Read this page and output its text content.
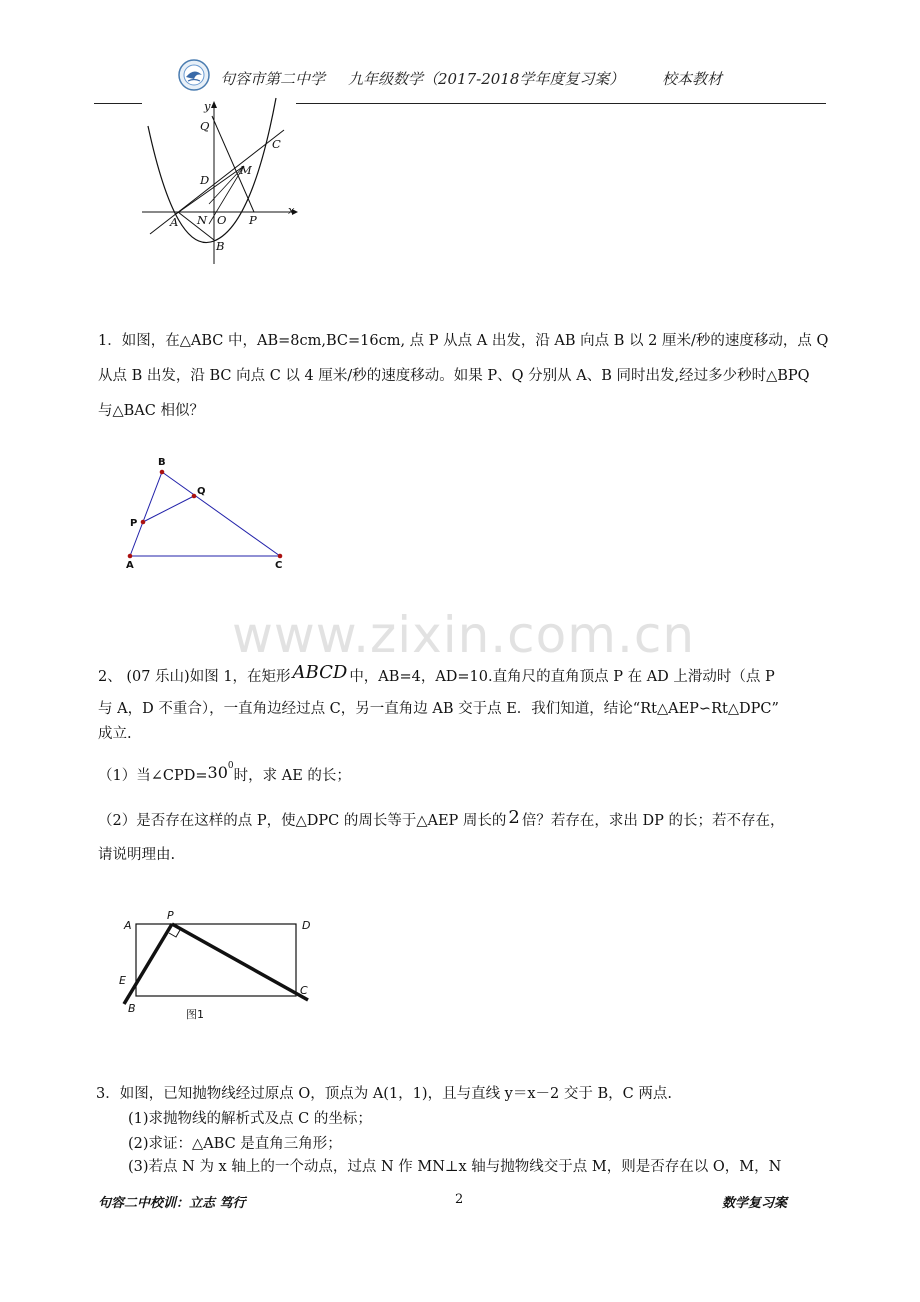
句容市第二中学 九年级数学（2017-2018学年度复习案）	校本教材
y
x
Q
C
D
M
A N O P
B
1．如图，在△ABC 中，AB=8cm,BC=16cm, 点 P 从点 A 出发，沿 AB 向点 B 以 2 厘米/秒的速度移动，点 Q
从点 B 出发，沿 BC 向点 C 以 4 厘米/秒的速度移动。如果 P、Q 分别从 A、B 同时出发,经过多少秒时△BPQ
与△BAC 相似？
B
Q
P
A	C
www.zixin.com.cn
2、 (07 乐山)如图 1，在矩形 ABCD 中，AB=4，AD=10.直角尺的直角顶点 P 在 AD 上滑动时（点 P
与 A，D 不重合），一直角边经过点 C，另一直角边 AB 交于点 E．我们知道，结论“Rt△AEP∽Rt△DPC”
成立.
（1）当$\angle CPD=30^0$时，求 AE 的长；
（2）是否存在这样的点 P，使△DPC 的周长等于△AEP 周长的 2 倍？若存在，求出 DP 的长；若不存在，
请说明理由.
A
P
D
E
B
C
图1
3．如图，已知抛物线经过原点 O，顶点为 A(1，1)，且与直线 y＝x－2 交于 B，C 两点.
(1)求抛物线的解析式及点 C 的坐标；
(2)求证：△ABC 是直角三角形；
(3)若点 N 为 x 轴上的一个动点，过点 N 作 MN⊥x 轴与抛物线交于点 M，则是否存在以 O，M，N
句容二中校训：立志 笃行	2	数学复习案
